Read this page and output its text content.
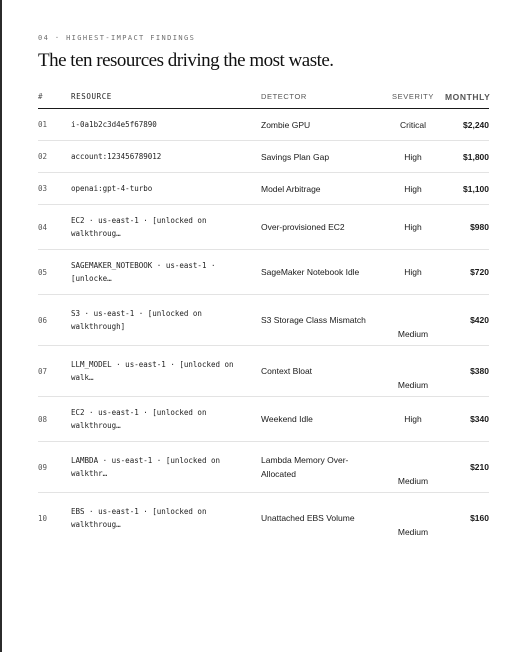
04 · HIGHEST-IMPACT FINDINGS
The ten resources driving the most waste.
#	RESOURCE	DETECTOR	SEVERITY	MONTHLY
01	i-0a1b2c3d4e5f67890	Zombie GPU	Critical	$2,240
02	account:123456789012	Savings Plan Gap	High	$1,800
03	openai:gpt-4-turbo	Model Arbitrage	High	$1,100
04	EC2 · us-east-1 · [unlocked on walkthroug…	Over-provisioned EC2	High	$980
05	SAGEMAKER_NOTEBOOK · us-east-1 · [unlocke…	SageMaker Notebook Idle	High	$720
06	S3 · us-east-1 · [unlocked on walkthrough]	S3 Storage Class Mismatch	Medium	$420
07	LLM_MODEL · us-east-1 · [unlocked on walk…	Context Bloat	Medium	$380
08	EC2 · us-east-1 · [unlocked on walkthroug…	Weekend Idle	High	$340
09	LAMBDA · us-east-1 · [unlocked on walkthr…	Lambda Memory Over-Allocated	Medium	$210
10	EBS · us-east-1 · [unlocked on walkthroug…	Unattached EBS Volume	Medium	$160
